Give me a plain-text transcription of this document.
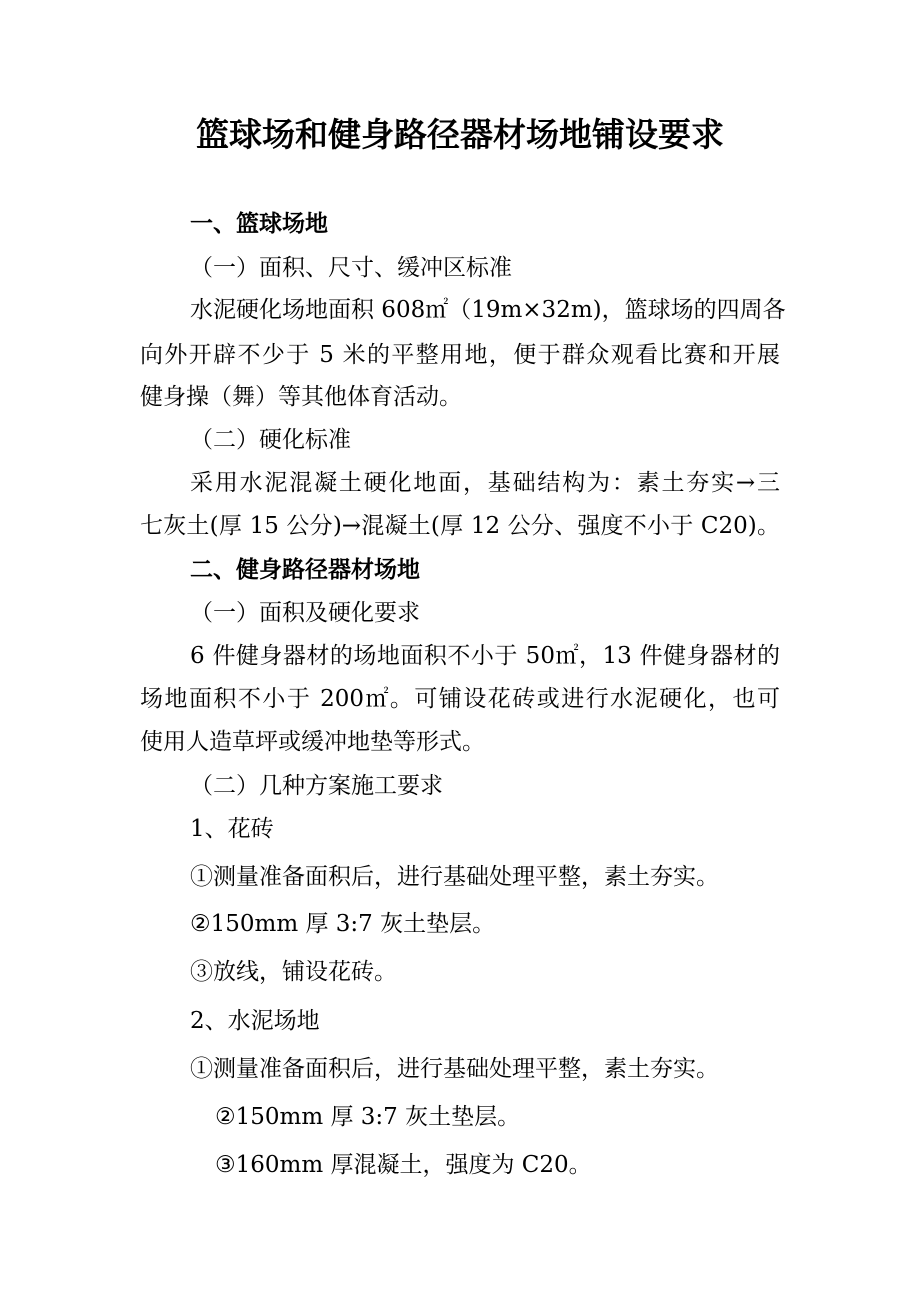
篮球场和健身路径器材场地铺设要求
一、篮球场地
（一）面积、尺寸、缓冲区标准
水泥硬化场地面积 608㎡（19m×32m)，篮球场的四周各
向外开辟不少于 5 米的平整用地，便于群众观看比赛和开展
健身操（舞）等其他体育活动。
（二）硬化标准
采用水泥混凝土硬化地面，基础结构为：素土夯实→三
七灰土(厚 15 公分)→混凝土(厚 12 公分、强度不小于 C20)。
二、健身路径器材场地
（一）面积及硬化要求
6 件健身器材的场地面积不小于 50㎡，13 件健身器材的
场地面积不小于 200㎡。可铺设花砖或进行水泥硬化，也可
使用人造草坪或缓冲地垫等形式。
（二）几种方案施工要求
1、花砖
①测量准备面积后，进行基础处理平整，素土夯实。
②150mm 厚 3:7 灰土垫层。
③放线，铺设花砖。
2、水泥场地
①测量准备面积后，进行基础处理平整，素土夯实。
②150mm 厚 3:7 灰土垫层。
③160mm 厚混凝土，强度为 C20。
